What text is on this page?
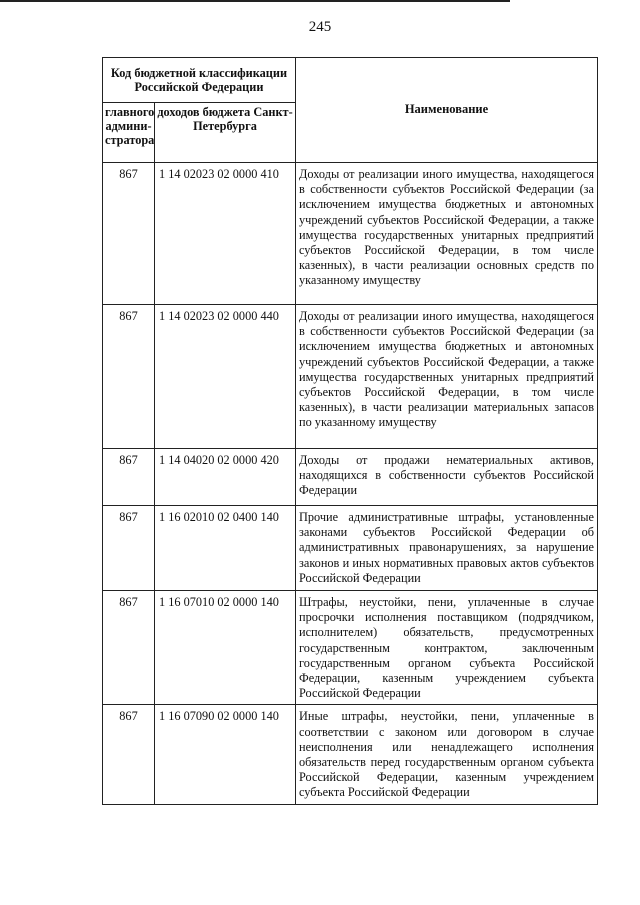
245
Код бюджетной классификации Российской Федерации		Наименование
главного админи-стратора	доходов бюджета Санкт-Петербурга	
867	1 14 02023 02 0000 410	Доходы от реализации иного имущества, находящегося в собственности субъектов Российской Федерации (за исключением имущества бюджетных и автономных учреждений субъектов Российской Федерации, а также имущества государственных унитарных предприятий субъектов Российской Федерации, в том числе казенных), в части реализации основных средств по указанному имуществу
867	1 14 02023 02 0000 440	Доходы от реализации иного имущества, находящегося в собственности субъектов Российской Федерации (за исключением имущества бюджетных и автономных учреждений субъектов Российской Федерации, а также имущества государственных унитарных предприятий субъектов Российской Федерации, в том числе казенных), в части реализации материальных запасов по указанному имуществу
867	1 14 04020 02 0000 420	Доходы от продажи нематериальных активов, находящихся в собственности субъектов Российской Федерации
867	1 16 02010 02 0400 140	Прочие административные штрафы, установленные законами субъектов Российской Федерации об административных правонарушениях, за нарушение законов и иных нормативных правовых актов субъектов Российской Федерации
867	1 16 07010 02 0000 140	Штрафы, неустойки, пени, уплаченные в случае просрочки исполнения поставщиком (подрядчиком, исполнителем) обязательств, предусмотренных государственным контрактом, заключенным государственным органом субъекта Российской Федерации, казенным учреждением субъекта Российской Федерации
867	1 16 07090 02 0000 140	Иные штрафы, неустойки, пени, уплаченные в соответствии с законом или договором в случае неисполнения или ненадлежащего исполнения обязательств перед государственным органом субъекта Российской Федерации, казенным учреждением субъекта Российской Федерации
